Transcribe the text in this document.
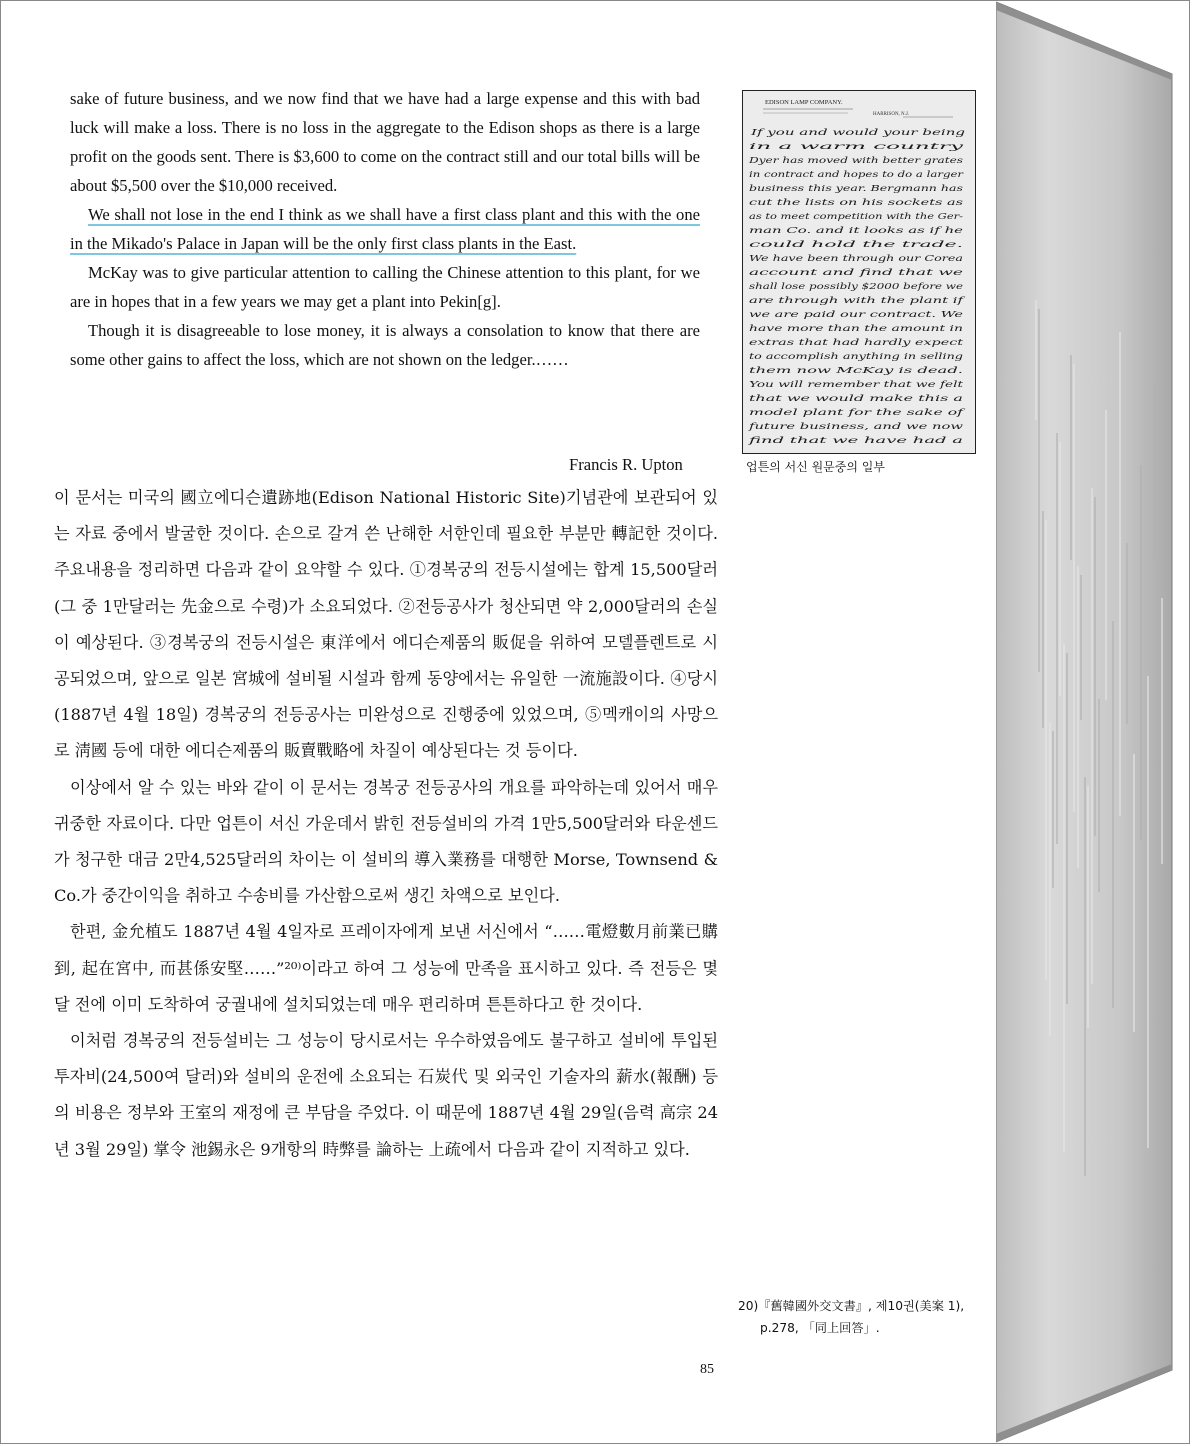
sake of future business, and we now find that we have had a large expense and this with bad luck will make a loss. There is no loss in the aggregate to the Edison shops as there is a large profit on the goods sent. There is $3,600 to come on the contract still and our total bills will be about $5,500 over the $10,000 received.

We shall not lose in the end I think as we shall have a first class plant and this with the one in the Mikado's Palace in Japan will be the only first class plants in the East.

McKay was to give particular attention to calling the Chinese attention to this plant, for we are in hopes that in a few years we may get a plant into Pekin[g].

Though it is disagreeable to lose money, it is always a consolation to know that there are some other gains to affect the loss, which are not shown on the ledger.……

Francis R. Upton

이 문서는 미국의 國立에디슨遺跡地(Edison National Historic Site)기념관에 보관되어 있는 자료 중에서 발굴한 것이다. 손으로 갈겨 쓴 난해한 서한인데 필요한 부분만 轉記한 것이다. 주요내용을 정리하면 다음과 같이 요약할 수 있다. ①경복궁의 전등시설에는 합계 15,500달러(그 중 1만달러는 先金으로 수령)가 소요되었다. ②전등공사가 청산되면 약 2,000달러의 손실이 예상된다. ③경복궁의 전등시설은 東洋에서 에디슨제품의 販促을 위하여 모델플렌트로 시공되었으며, 앞으로 일본 宮城에 설비될 시설과 함께 동양에서는 유일한 一流施設이다. ④당시(1887년 4월 18일) 경복궁의 전등공사는 미완성으로 진행중에 있었으며, ⑤멕캐이의 사망으로 淸國 등에 대한 에디슨제품의 販賣戰略에 차질이 예상된다는 것 등이다.

이상에서 알 수 있는 바와 같이 이 문서는 경복궁 전등공사의 개요를 파악하는데 있어서 매우 귀중한 자료이다. 다만 업튼이 서신 가운데서 밝힌 전등설비의 가격 1만5,500달러와 타운센드가 청구한 대금 2만4,525달러의 차이는 이 설비의 導入業務를 대행한 Morse, Townsend & Co.가 중간이익을 취하고 수송비를 가산함으로써 생긴 차액으로 보인다.

한편, 金允植도 1887년 4월 4일자로 프레이자에게 보낸 서신에서 “……電燈數月前業已購到, 起在宮中, 而甚係安堅……”²⁰⁾이라고 하여 그 성능에 만족을 표시하고 있다. 즉 전등은 몇달 전에 이미 도착하여 궁궐내에 설치되었는데 매우 편리하며 튼튼하다고 한 것이다.

이처럼 경복궁의 전등설비는 그 성능이 당시로서는 우수하였음에도 불구하고 설비에 투입된 투자비(24,500여 달러)와 설비의 운전에 소요되는 石炭代 및 외국인 기술자의 薪水(報酬) 등의 비용은 정부와 王室의 재정에 큰 부담을 주었다. 이 때문에 1887년 4월 29일(음력 高宗 24년 3월 29일) 掌令 池錫永은 9개항의 時弊를 論하는 上疏에서 다음과 같이 지적하고 있다.

EDISON LAMP COMPANY.
HARRISON, N.J.
If you and would your being
in a warm country
Dyer has moved with better grates
in contract and hopes to do a larger
business this year. Bergmann has
cut the lists on his sockets as
as to meet competition with the Ger-
man Co. and it looks as if he
could hold the trade.
We have been through our Corea
account and find that we
shall lose possibly $2000 before we
are through with the plant if
we are paid our contract. We
have more than the amount in
extras that had hardly expect
to accomplish anything in selling
them now McKay is dead.
You will remember that we felt
that we would make this a
model plant for the sake of
future business, and we now
find that we have had a
업튼의 서신 원문중의 일부
20)『舊韓國外交文書』, 제10권(美案 1),
p.278, 「同上回答」.
85
